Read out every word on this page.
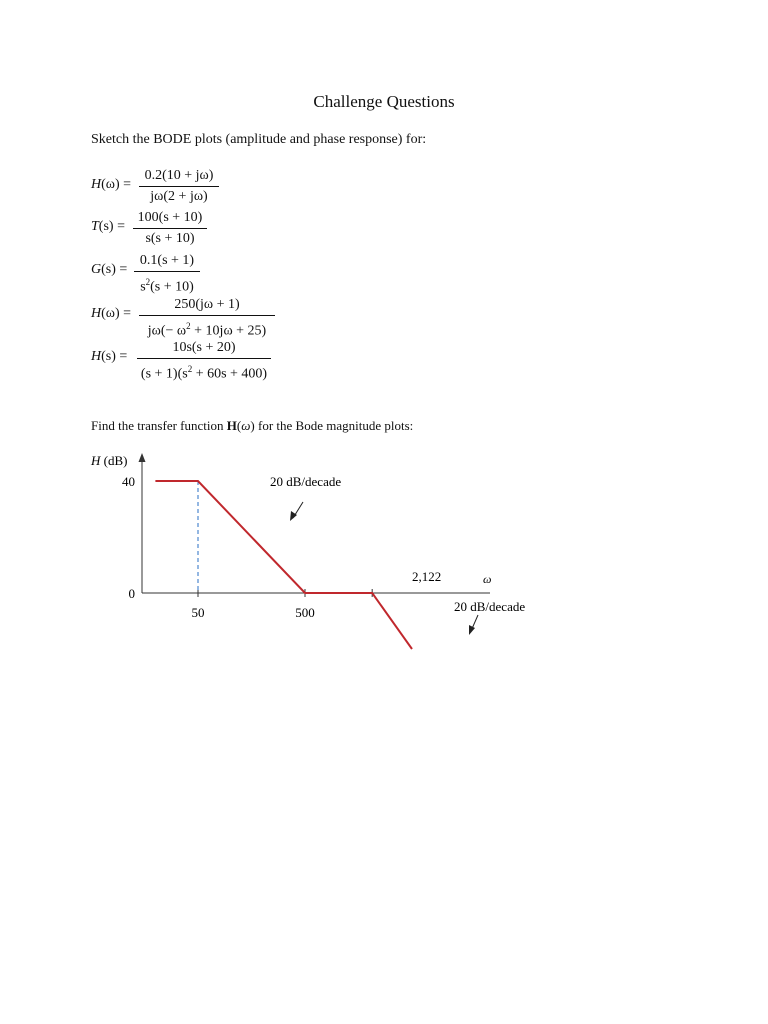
Challenge Questions
Sketch the BODE plots (amplitude and phase response) for:
H(ω) =
0.2(10 + jω)
jω(2 + jω)
T(s) =
100(s + 10)
s(s + 10)
G(s) =
0.1(s + 1)
$s^2(s + 10)$
H(ω) =
250(jω + 1)
$j\omega(- \omega^2 + 10j\omega + 25)$
H(s) =
10s(s + 20)
$(s + 1)(s^2 + 60s + 400)$
Find the transfer function H(ω) for the Bode magnitude plots:
H (dB)
40
0
50	500
ω
20 dB/decade
2,122
20 dB/decade
